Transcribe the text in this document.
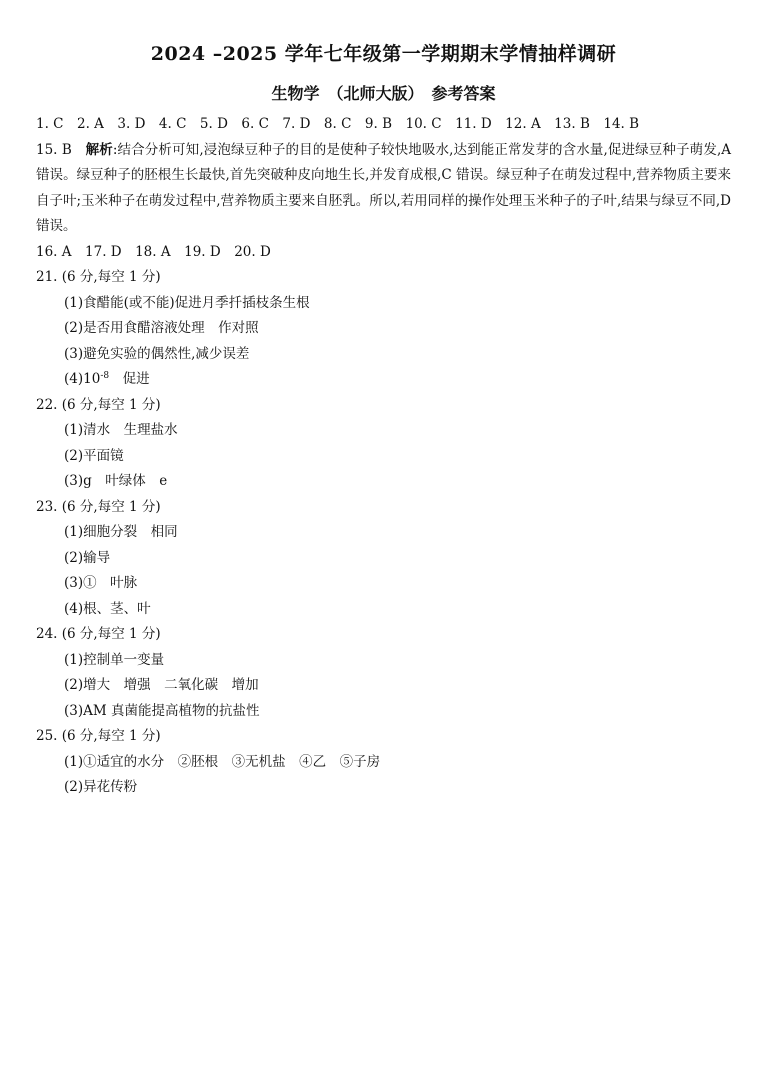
2024 –2025 学年七年级第一学期期末学情抽样调研
生物学　（北师大版）　参考答案

1. C　2. A　3. D　4. C　5. D　6. C　7. D　8. C　9. B　10. C　11. D　12. A　13. B　14. B

15. B　解析:结合分析可知,浸泡绿豆种子的目的是使种子较快地吸水,达到能正常发芽的含水量,促进绿豆种子萌发,A 错误。绿豆种子的胚根生长最快,首先突破种皮向地生长,并发育成根,C 错误。绿豆种子在萌发过程中,营养物质主要来自子叶;玉米种子在萌发过程中,营养物质主要来自胚乳。所以,若用同样的操作处理玉米种子的子叶,结果与绿豆不同,D 错误。

16. A　17. D　18. A　19. D　20. D

21. (6 分,每空 1 分)

(1)食醋能(或不能)促进月季扦插枝条生根

(2)是否用食醋溶液处理　作对照

(3)避免实验的偶然性,减少误差

$(4)10^{-8}$　促进

22. (6 分,每空 1 分)

(1)清水　生理盐水

(2)平面镜

(3)g　叶绿体　e

23. (6 分,每空 1 分)

(1)细胞分裂　相同

(2)输导

(3)①　叶脉

(4)根、茎、叶

24. (6 分,每空 1 分)

(1)控制单一变量

(2)增大　增强　二氧化碳　增加

(3)AM 真菌能提高植物的抗盐性

25. (6 分,每空 1 分)

(1)①适宜的水分　②胚根　③无机盐　④乙　⑤子房

(2)异花传粉
